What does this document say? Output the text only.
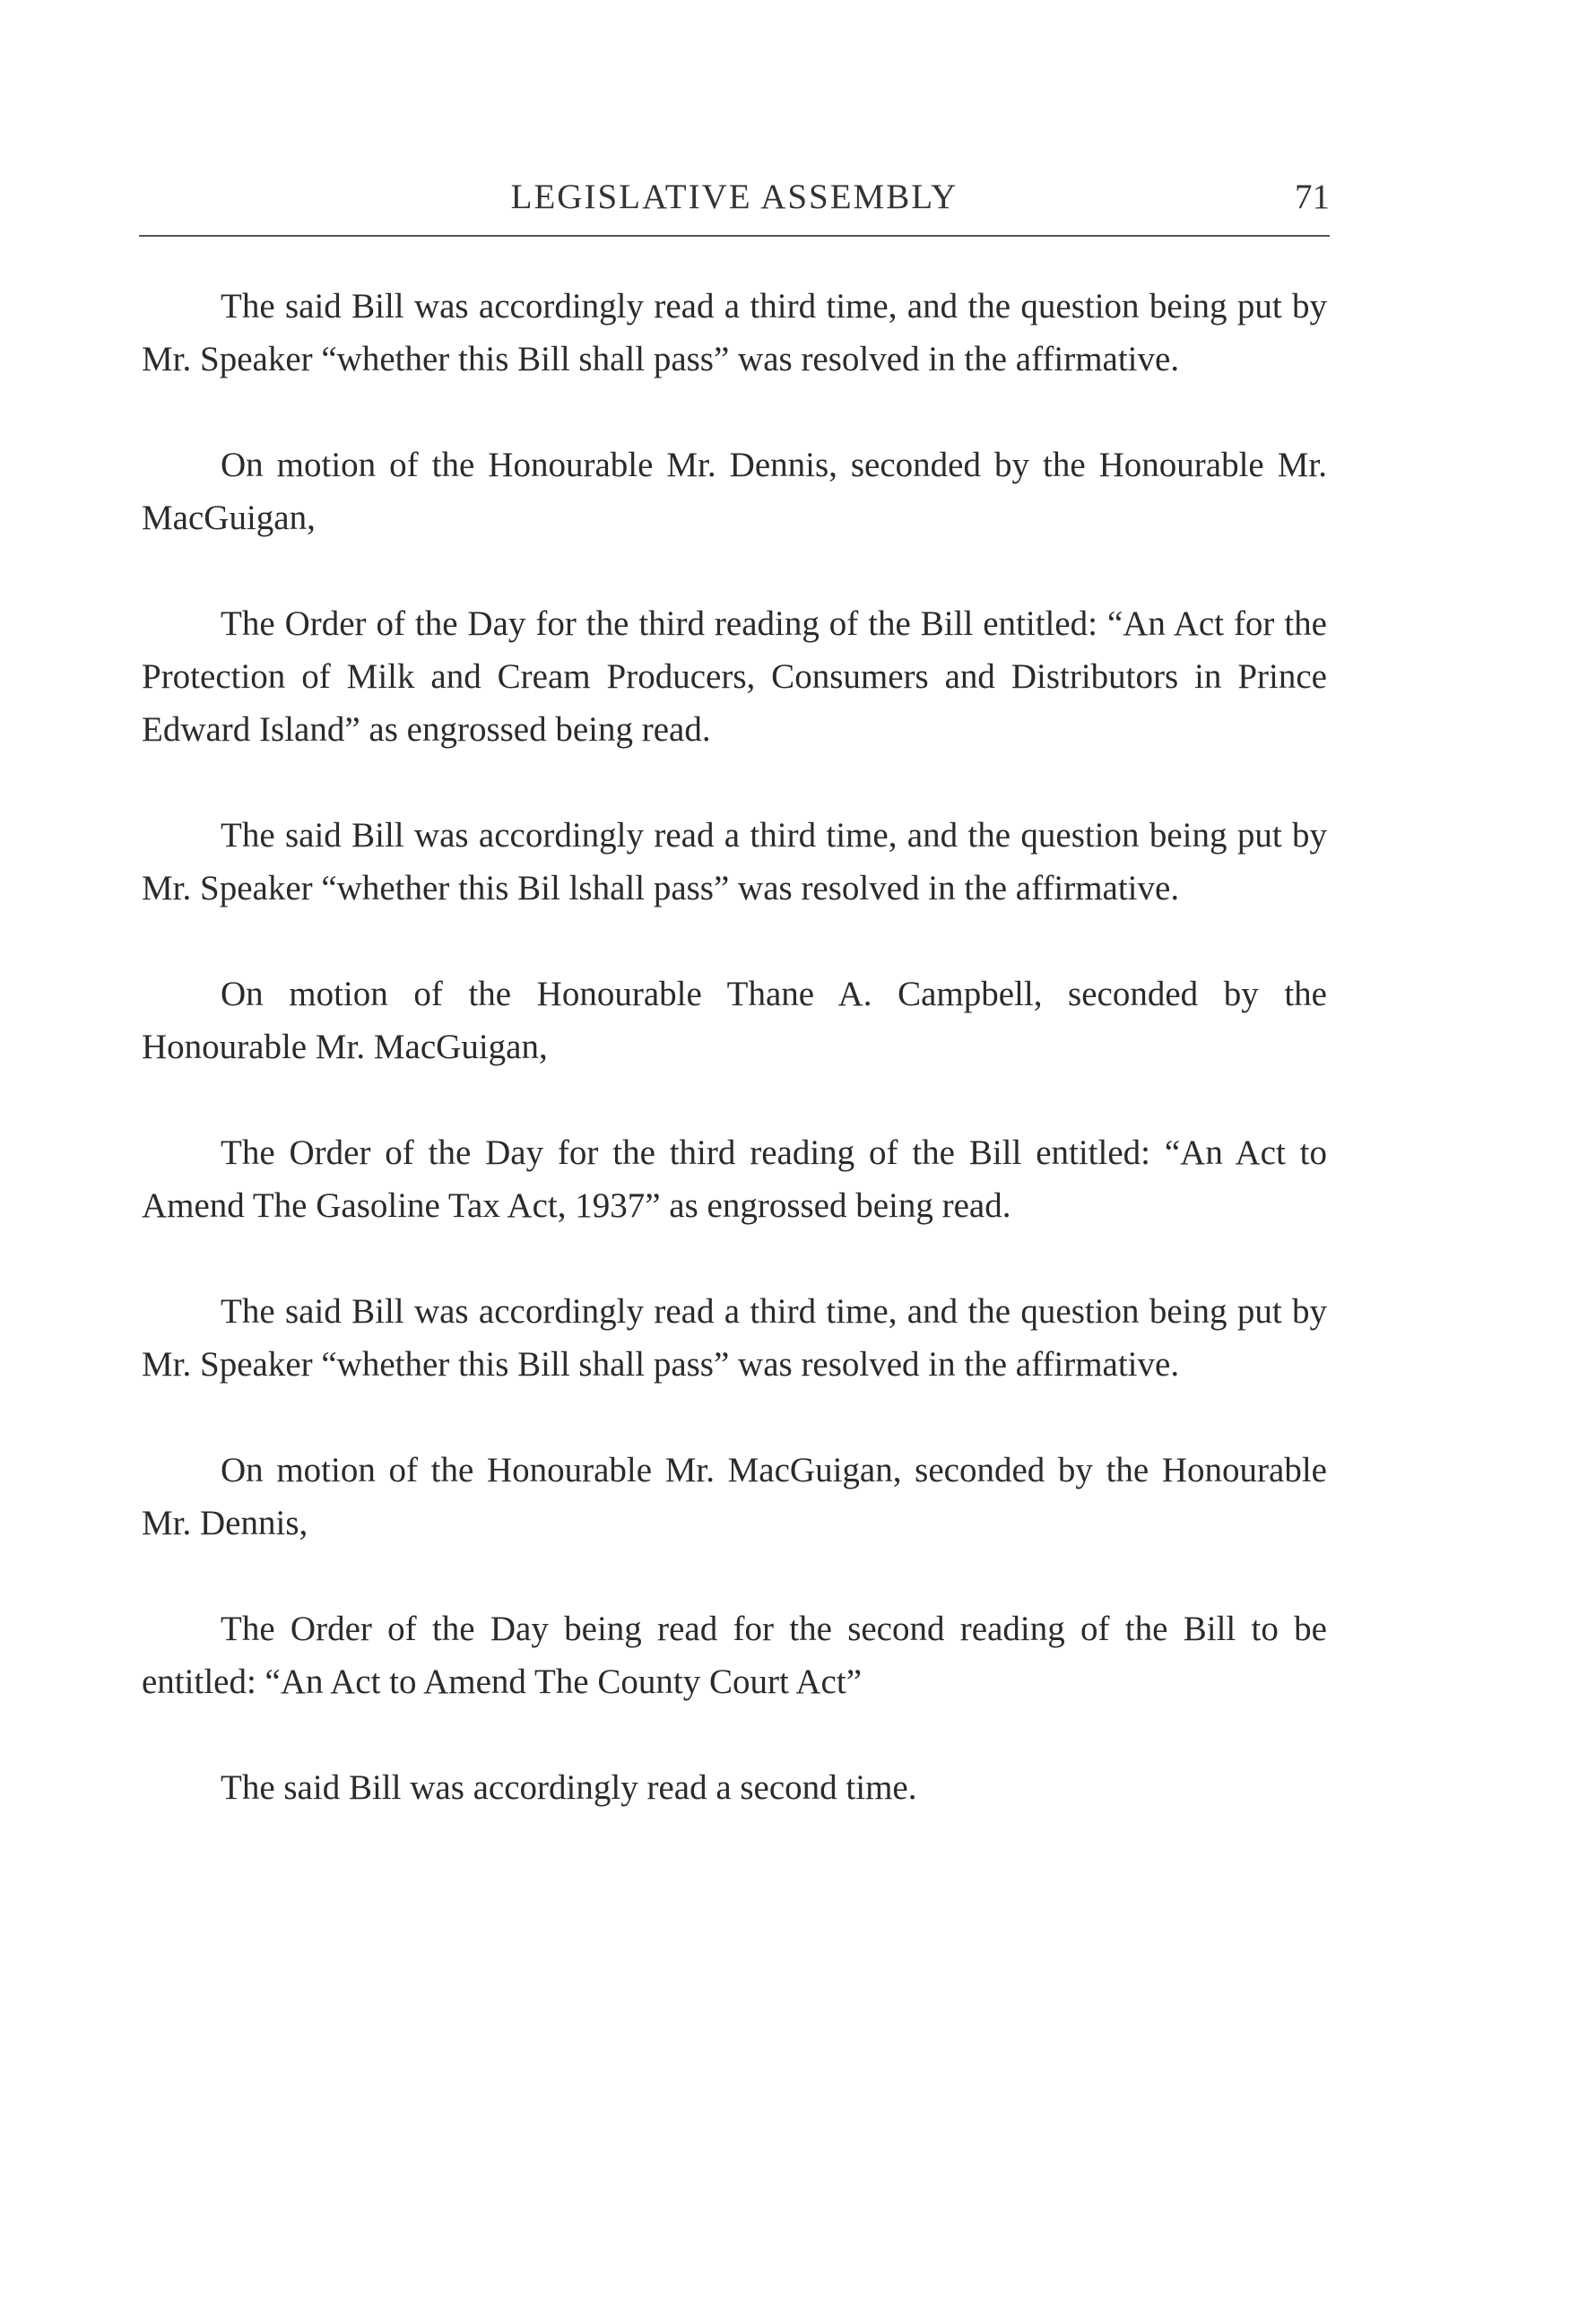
LEGISLATIVE ASSEMBLY	71

The said Bill was accordingly read a third time, and the question being put by Mr. Speaker “whether this Bill shall pass” was resolved in the affirmative.

On motion of the Honourable Mr. Dennis, seconded by the Honourable Mr. MacGuigan,

The Order of the Day for the third reading of the Bill entitled: “An Act for the Protection of Milk and Cream Producers, Consumers and Distributors in Prince Edward Island” as engrossed being read.

The said Bill was accordingly read a third time, and the question being put by Mr. Speaker “whether this Bil lshall pass” was resolved in the affirmative.

On motion of the Honourable Thane A. Campbell, seconded by the Honourable Mr. MacGuigan,

The Order of the Day for the third reading of the Bill entitled: “An Act to Amend The Gasoline Tax Act, 1937” as engrossed being read.

The said Bill was accordingly read a third time, and the question being put by Mr. Speaker “whether this Bill shall pass” was resolved in the affirmative.

On motion of the Honourable Mr. MacGuigan, seconded by the Honourable Mr. Dennis,

The Order of the Day being read for the second reading of the Bill to be entitled: “An Act to Amend The County Court Act”

The said Bill was accordingly read a second time.
